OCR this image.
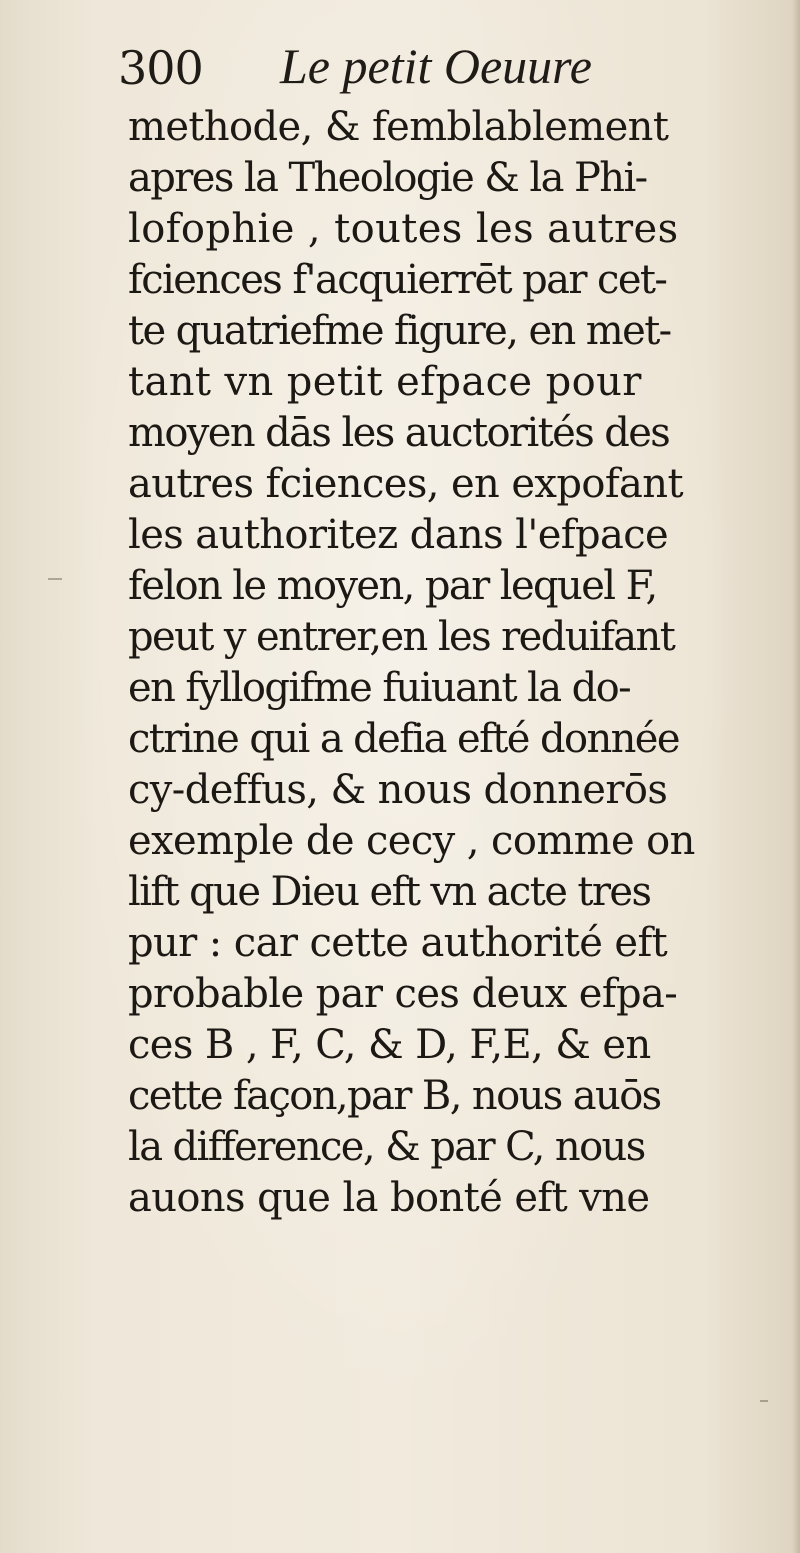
300 Le petit Oeuure
methode, & femblablement
apres la Theologie & la Phi-
lofophie , toutes les autres
fciences f'acquierrēt par cet-
te quatriefme figure, en met-
tant vn petit efpace pour
moyen dās les auctorités des
autres fciences, en expofant
les authoritez dans l'efpace
felon le moyen, par lequel F,
peut y entrer,en les reduifant
en fyllogifme fuiuant la do-
ctrine qui a defia efté donnée
cy-deffus, & nous donnerōs
exemple de cecy , comme on
lift que Dieu eft vn acte tres
pur : car cette authorité eft
probable par ces deux efpa-
ces B , F, C, & D, F,E, & en
cette façon,par B, nous auōs
la difference, & par C, nous
auons que la bonté eft vne
